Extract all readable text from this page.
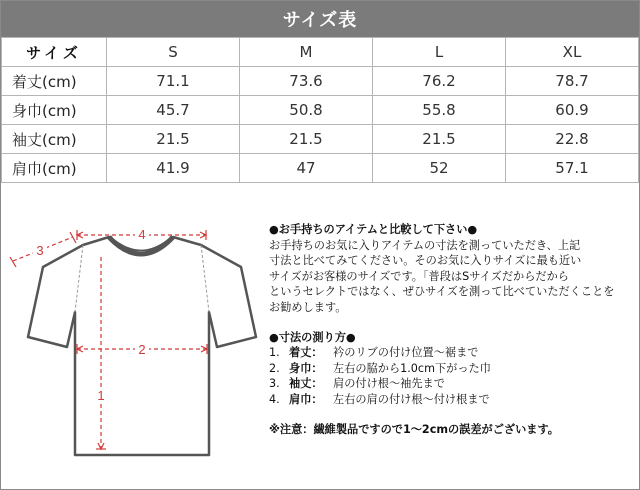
サイズ表
サイズ	S	M	L	XL
着丈(cm)	71.1	73.6	76.2	78.7
身巾(cm)	45.7	50.8	55.8	60.9
袖丈(cm)	21.5	21.5	21.5	22.8
肩巾(cm)	41.9	47	52	57.1
4
3
2
1

●お手持ちのアイテムと比較して下さい●

お手持ちのお気に入りアイテムの寸法を測っていただき、上記

寸法と比べてみてください。そのお気に入りサイズに最も近い

サイズがお客様のサイズです。「普段はSサイズだからだから

というセレクトではなく、ぜひサイズを測って比べていただくことを

お勧めします。

●寸法の測り方●

1. 着丈： 衿のリブの付け位置～裾まで
2. 身巾： 左右の脇から1.0cm下がった巾
3. 袖丈： 肩の付け根～袖先まで
4. 肩巾： 左右の肩の付け根～付け根まで

※注意：繊維製品ですので1～2cmの誤差がございます。
